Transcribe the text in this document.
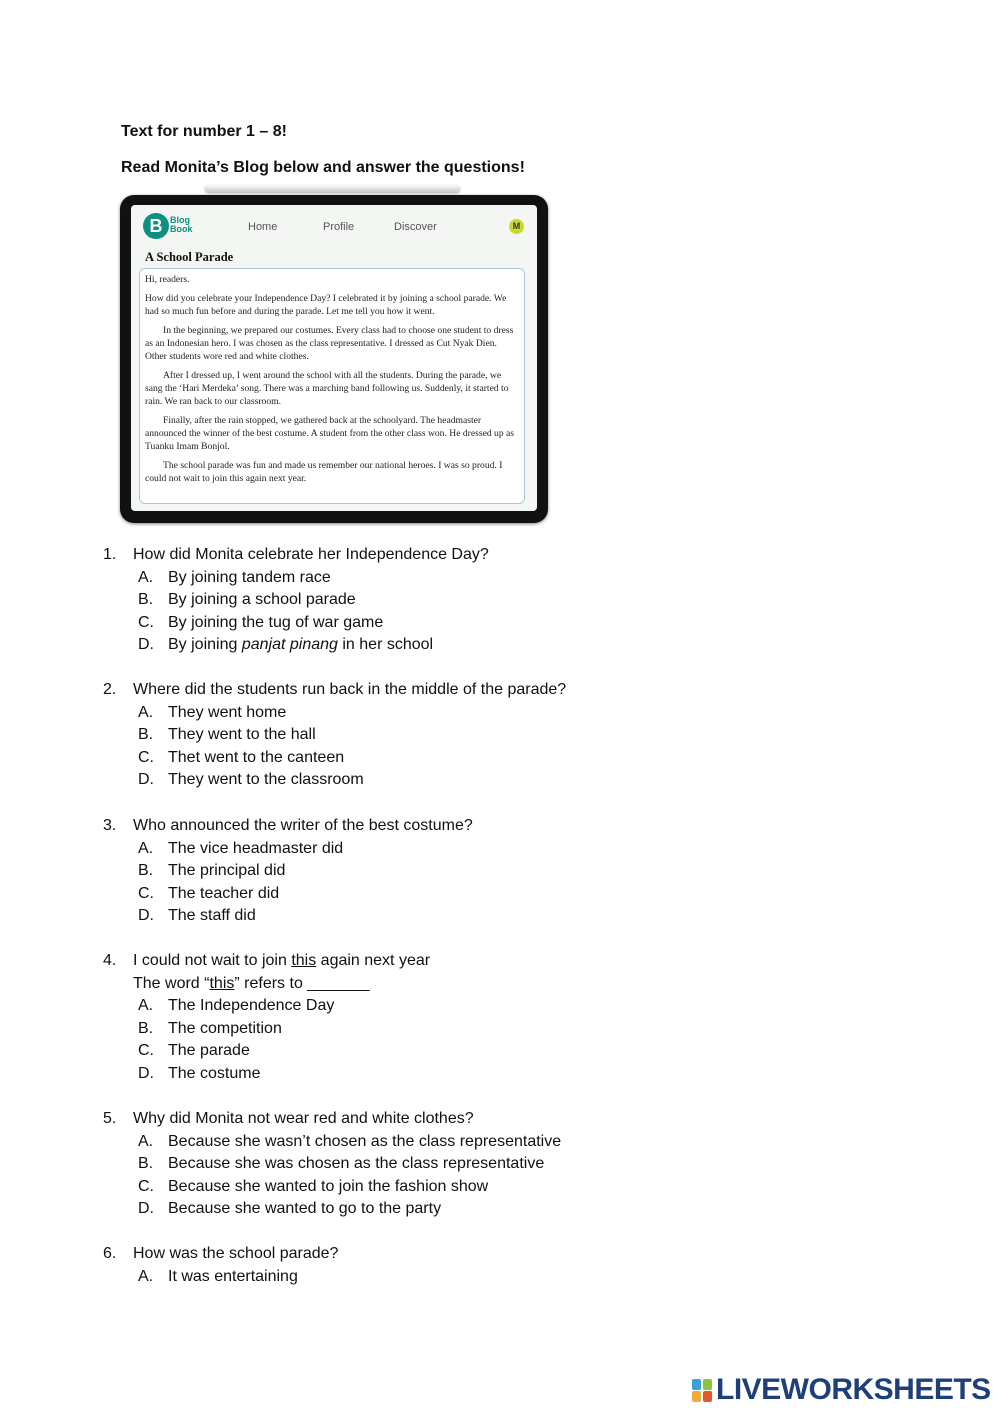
Text for number 1 – 8!
Read Monita’s Blog below and answer the questions!
B Blog
Book	Home	Profile	Discover	M
A School Parade

Hi, readers.

How did you celebrate your Independence Day? I celebrated it by joining a school parade. We had so much fun before and during the parade. Let me tell you how it went.

In the beginning, we prepared our costumes. Every class had to choose one student to dress as an Indonesian hero. I was chosen as the class representative. I dressed as Cut Nyak Dien. Other students wore red and white clothes.

After I dressed up, I went around the school with all the students. During the parade, we sang the ‘Hari Merdeka’ song. There was a marching band following us. Suddenly, it started to rain. We ran back to our classroom.

Finally, after the rain stopped, we gathered back at the schoolyard. The headmaster announced the winner of the best costume. A student from the other class won. He dressed up as Tuanku Imam Bonjol.

The school parade was fun and made us remember our national heroes. I was so proud. I could not wait to join this again next year.

1.	How did Monita celebrate her Independence Day?
A. By joining tandem race
B. By joining a school parade
C. By joining the tug of war game
D. By joining panjat pinang in her school
2.	Where did the students run back in the middle of the parade?
A. They went home
B. They went to the hall
C. Thet went to the canteen
D. They went to the classroom
3.	Who announced the writer of the best costume?
A. The vice headmaster did
B. The principal did
C. The teacher did
D. The staff did
4.	I could not wait to join this again next year
The word “this” refers to _______
A. The Independence Day
B. The competition
C. The parade
D. The costume
5.	Why did Monita not wear red and white clothes?
A. Because she wasn’t chosen as the class representative
B. Because she was chosen as the class representative
C. Because she wanted to join the fashion show
D. Because she wanted to go to the party
6.	How was the school parade?
A. It was entertaining
LIVEWORKSHEETS
